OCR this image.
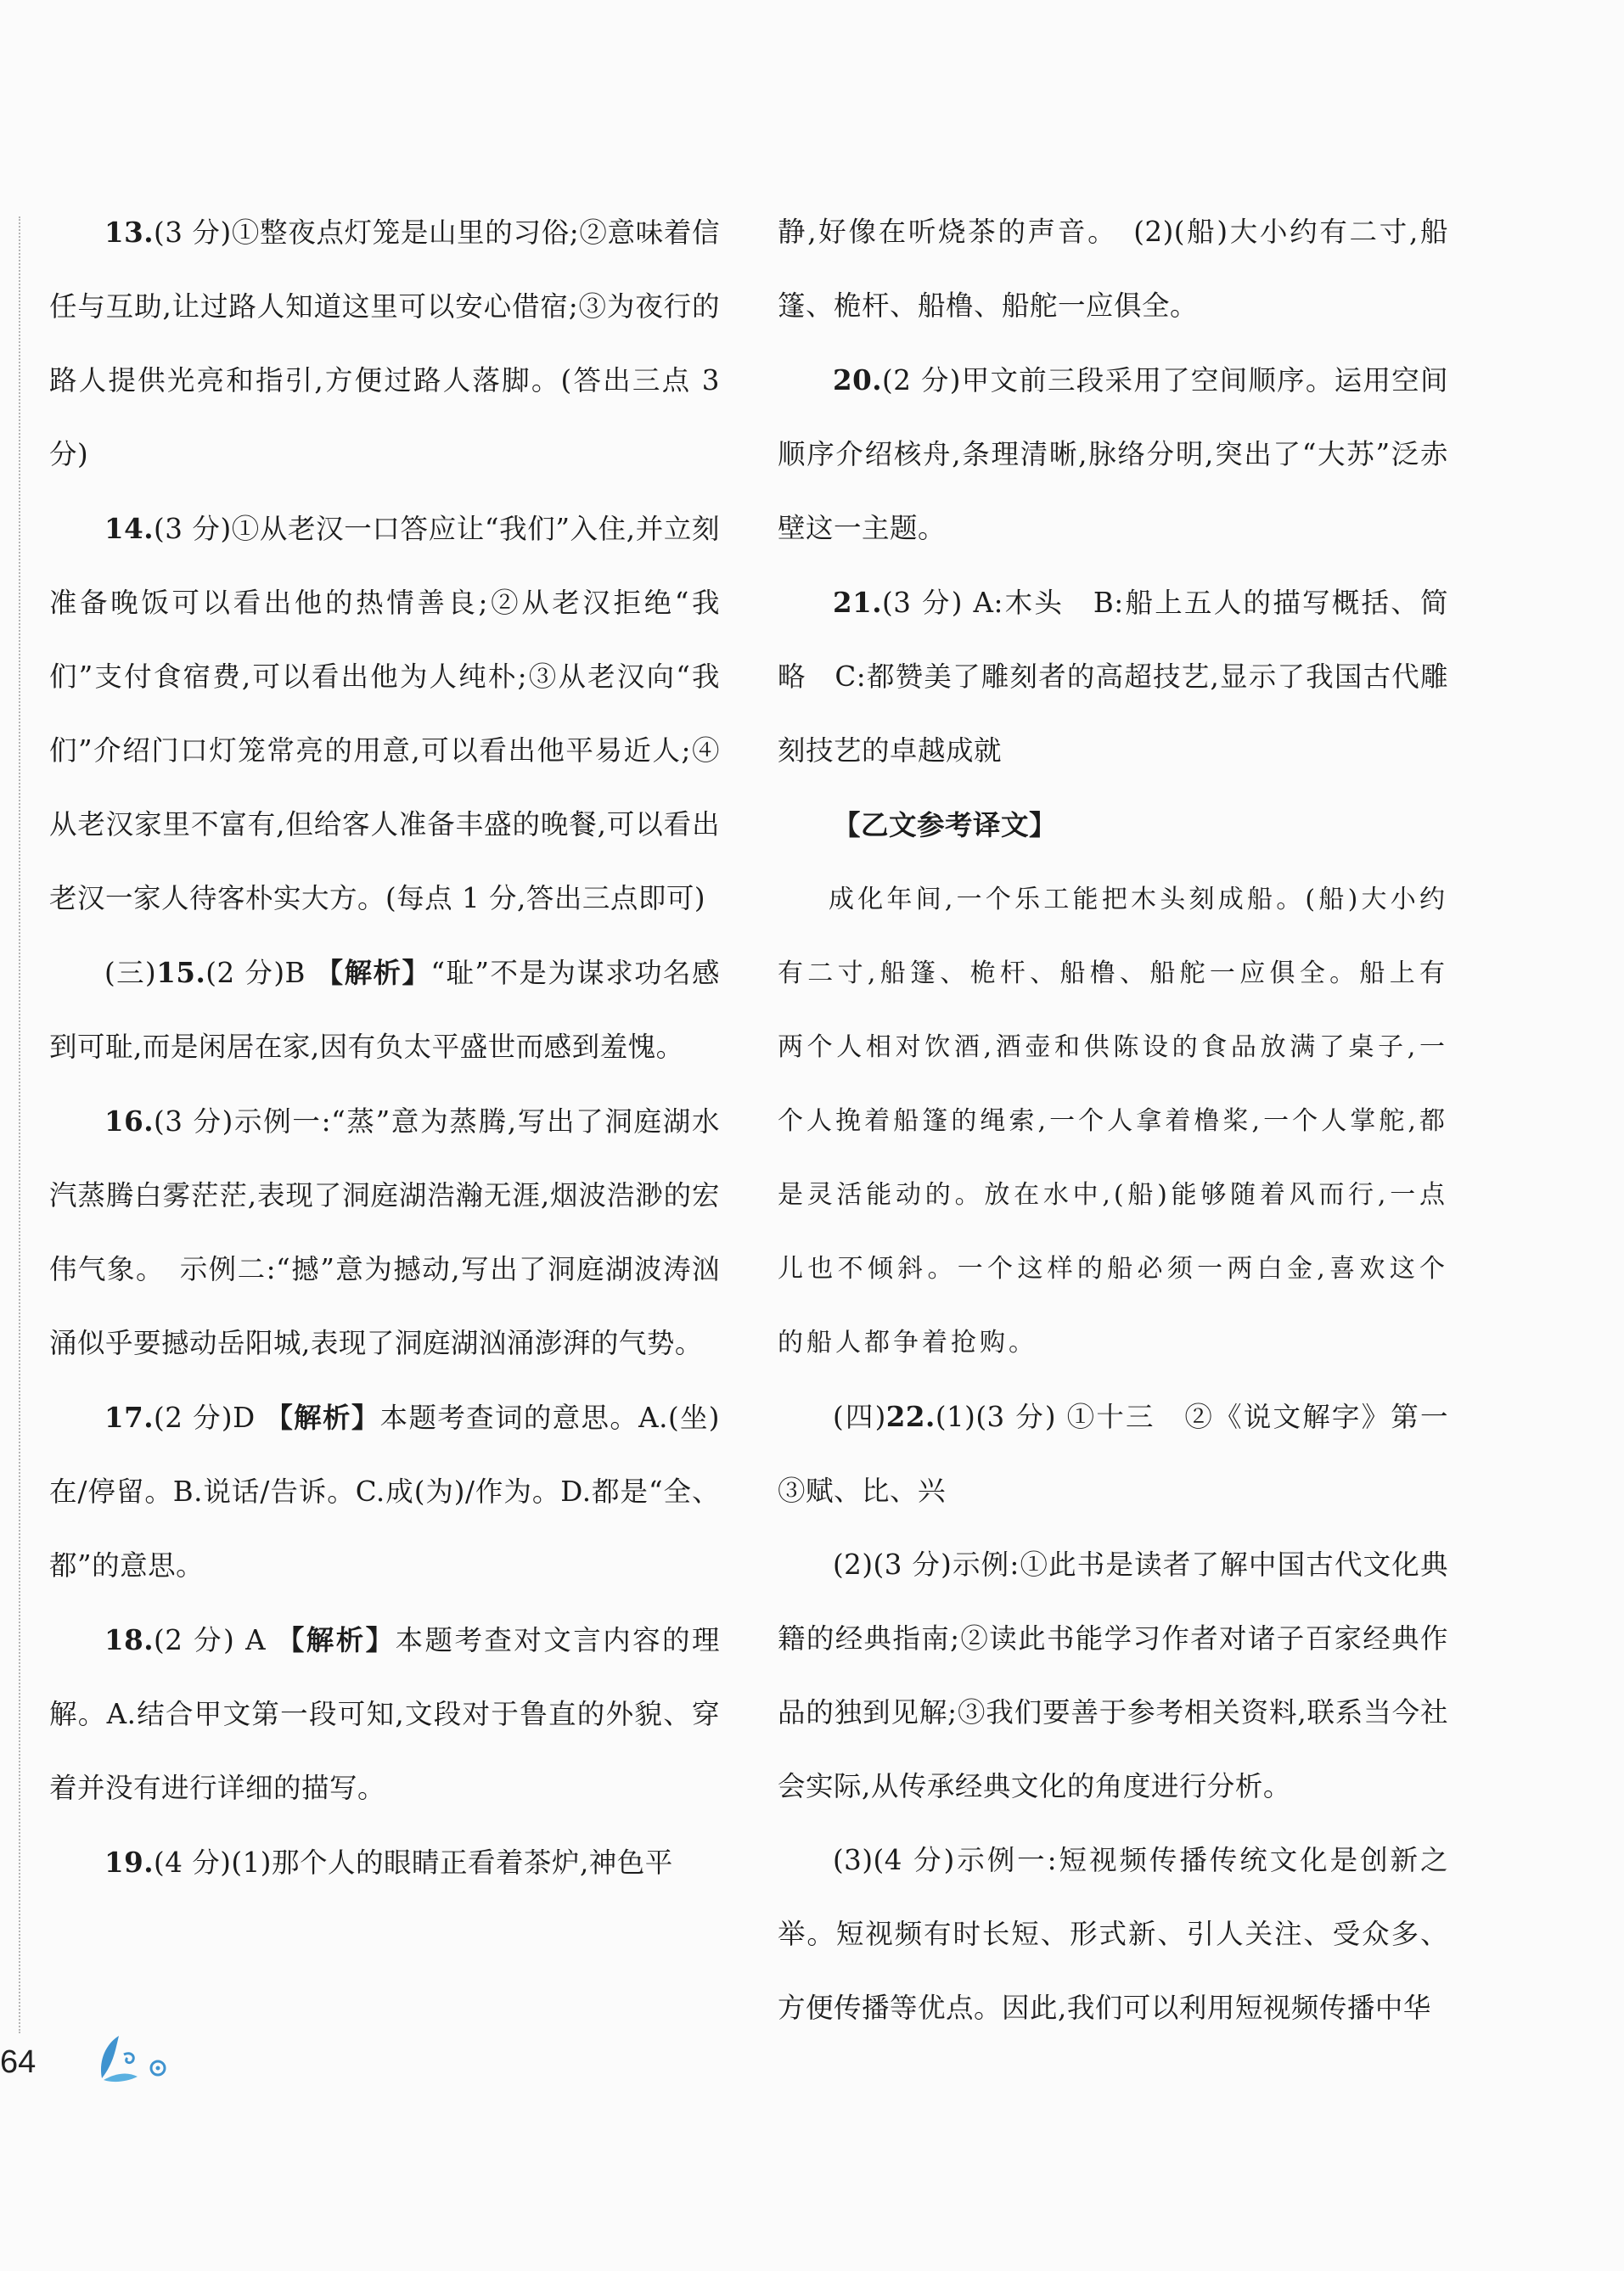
13.(3 分)①整夜点灯笼是山里的习俗;②意味着信任与互助,让过路人知道这里可以安心借宿;③为夜行的路人提供光亮和指引,方便过路人落脚。(答出三点 3 分)

14.(3 分)①从老汉一口答应让“我们”入住,并立刻准备晚饭可以看出他的热情善良;②从老汉拒绝“我们”支付食宿费,可以看出他为人纯朴;③从老汉向“我们”介绍门口灯笼常亮的用意,可以看出他平易近人;④从老汉家里不富有,但给客人准备丰盛的晚餐,可以看出老汉一家人待客朴实大方。(每点 1 分,答出三点即可)

(三)15.(2 分)B 【解析】“耻”不是为谋求功名感到可耻,而是闲居在家,因有负太平盛世而感到羞愧。

16.(3 分)示例一:“蒸”意为蒸腾,写出了洞庭湖水汽蒸腾白雾茫茫,表现了洞庭湖浩瀚无涯,烟波浩渺的宏伟气象。　示例二:“撼”意为撼动,写出了洞庭湖波涛汹涌似乎要撼动岳阳城,表现了洞庭湖汹涌澎湃的气势。

17.(2 分)D 【解析】本题考查词的意思。A.(坐)在/停留。B.说话/告诉。C.成(为)/作为。D.都是“全、都”的意思。

18.(2 分) A 【解析】本题考查对文言内容的理解。A.结合甲文第一段可知,文段对于鲁直的外貌、穿着并没有进行详细的描写。

19.(4 分)(1)那个人的眼睛正看着茶炉,神色平

静,好像在听烧茶的声音。　(2)(船)大小约有二寸,船篷、桅杆、船橹、船舵一应俱全。

20.(2 分)甲文前三段采用了空间顺序。运用空间顺序介绍核舟,条理清晰,脉络分明,突出了“大苏”泛赤壁这一主题。

21.(3 分) A:木头　B:船上五人的描写概括、简略　C:都赞美了雕刻者的高超技艺,显示了我国古代雕刻技艺的卓越成就

【乙文参考译文】

成化年间,一个乐工能把木头刻成船。(船)大小约有二寸,船篷、桅杆、船橹、船舵一应俱全。船上有两个人相对饮酒,酒壶和供陈设的食品放满了桌子,一个人挽着船篷的绳索,一个人拿着橹桨,一个人掌舵,都是灵活能动的。放在水中,(船)能够随着风而行,一点儿也不倾斜。一个这样的船必须一两白金,喜欢这个的船人都争着抢购。

(四)22.(1)(3 分) ①十三　②《说文解字》第一　③赋、比、兴

(2)(3 分)示例:①此书是读者了解中国古代文化典籍的经典指南;②读此书能学习作者对诸子百家经典作品的独到见解;③我们要善于参考相关资料,联系当今社会实际,从传承经典文化的角度进行分析。

(3)(4 分)示例一:短视频传播传统文化是创新之举。短视频有时长短、形式新、引人关注、受众多、方便传播等优点。因此,我们可以利用短视频传播中华

64
